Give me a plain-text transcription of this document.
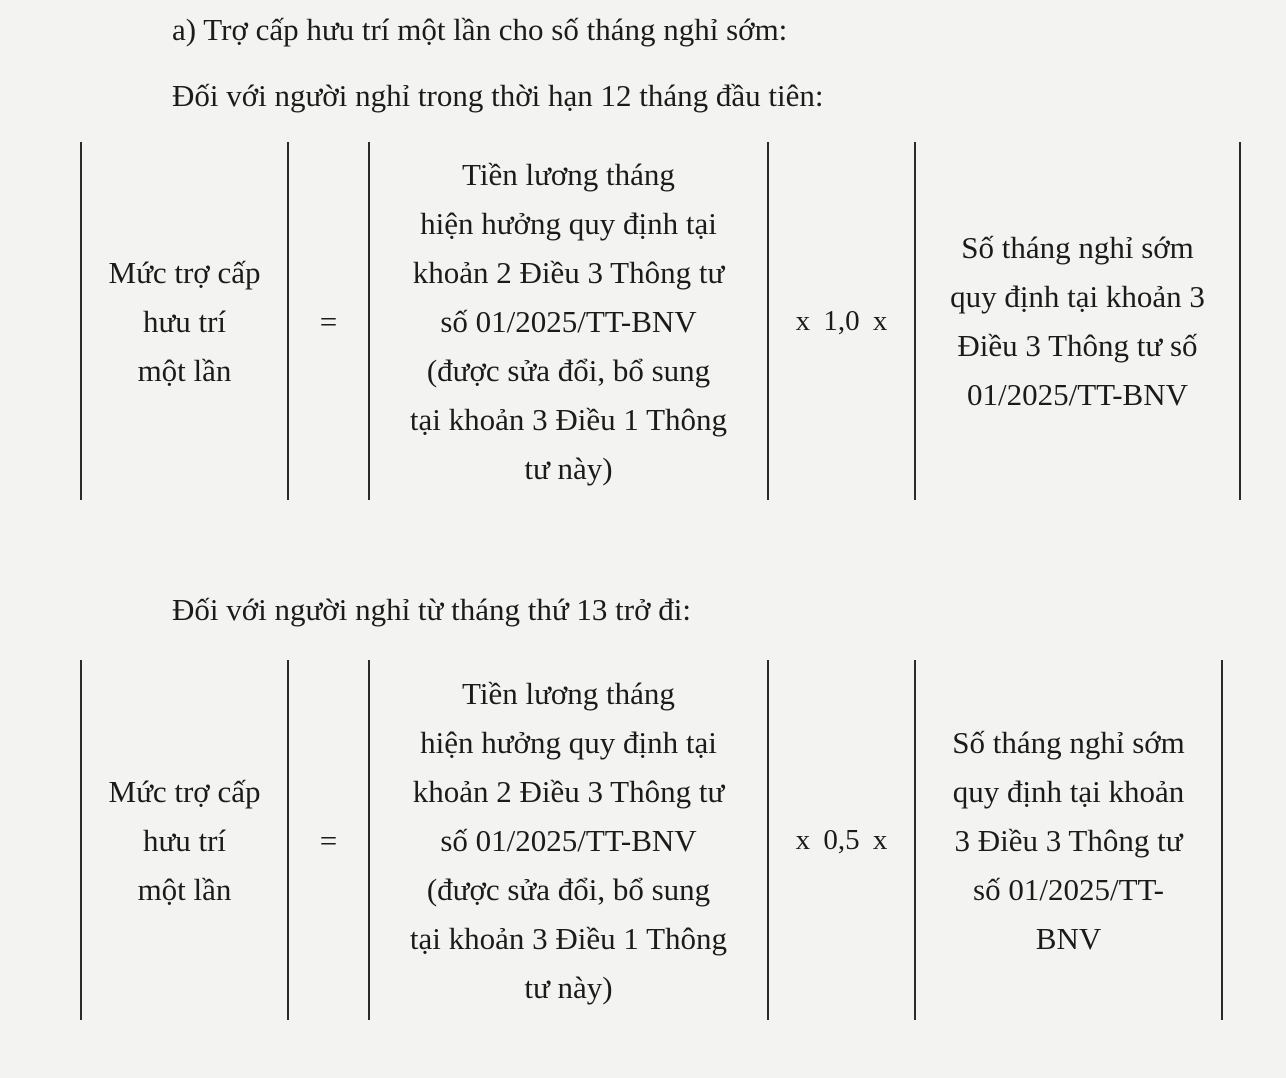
a) Trợ cấp hưu trí một lần cho số tháng nghỉ sớm:
Đối với người nghỉ trong thời hạn 12 tháng đầu tiên:
Mức trợ cấp
hưu trí
một lần
=
Tiền lương tháng
hiện hưởng quy định tại
khoản 2 Điều 3 Thông tư
số 01/2025/TT-BNV
(được sửa đổi, bổ sung
tại khoản 3 Điều 1 Thông
tư này)
x 1,0 x
Số tháng nghỉ sớm
quy định tại khoản 3
Điều 3 Thông tư số
01/2025/TT-BNV
Đối với người nghỉ từ tháng thứ 13 trở đi:
Mức trợ cấp
hưu trí
một lần
=
Tiền lương tháng
hiện hưởng quy định tại
khoản 2 Điều 3 Thông tư
số 01/2025/TT-BNV
(được sửa đổi, bổ sung
tại khoản 3 Điều 1 Thông
tư này)
x 0,5 x
Số tháng nghỉ sớm
quy định tại khoản
3 Điều 3 Thông tư
số 01/2025/TT-
BNV
